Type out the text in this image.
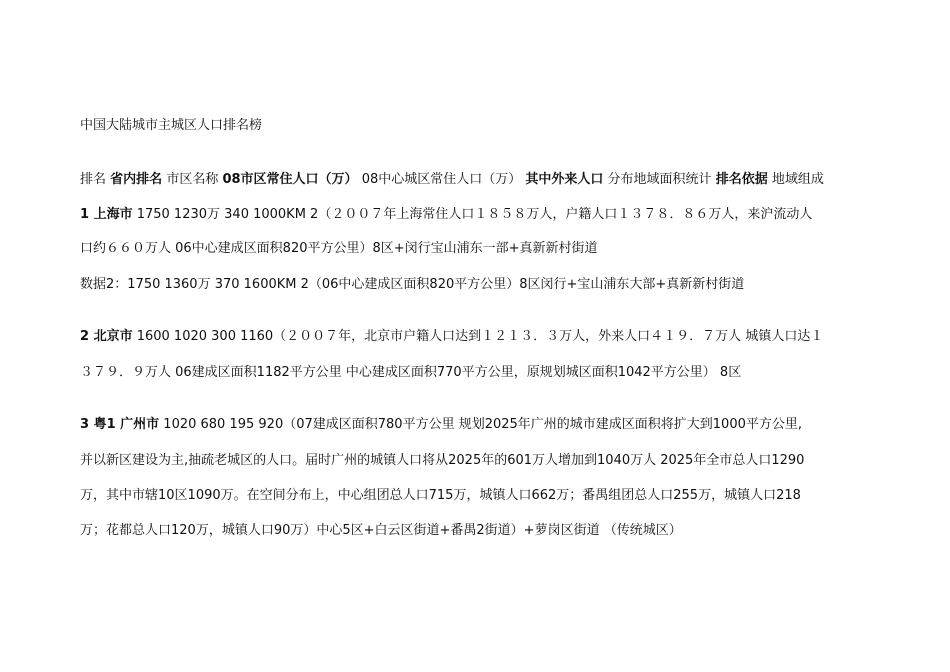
中国大陆城市主城区人口排名榜
排名 省内排名 市区名称 08市区常住人口（万） 08中心城区常住人口（万） 其中外来人口 分布地域面积统计 排名依据 地域组成
1 上海市 1750 1230万 340 1000KM 2（２００７年上海常住人口１８５８万人，户籍人口１３７８．８６万人，来沪流动人
口约６６０万人 06中心建成区面积820平方公里）8区+闵行宝山浦东一部+真新新村街道
数据2：1750 1360万 370 1600KM 2（06中心建成区面积820平方公里）8区闵行+宝山浦东大部+真新新村街道
2 北京市 1600 1020 300 1160（２００７年，北京市户籍人口达到１２１３．３万人，外来人口４１９．７万人 城镇人口达１
３７９．９万人 06建成区面积1182平方公里 中心建成区面积770平方公里，原规划城区面积1042平方公里） 8区
3 粤1 广州市 1020 680 195 920（07建成区面积780平方公里 规划2025年广州的城市建成区面积将扩大到1000平方公里,
并以新区建设为主,抽疏老城区的人口。届时广州的城镇人口将从2025年的601万人增加到1040万人 2025年全市总人口1290
万，其中市辖10区1090万。在空间分布上，中心组团总人口715万，城镇人口662万；番禺组团总人口255万，城镇人口218
万；花都总人口120万，城镇人口90万）中心5区+白云区街道+番禺2街道）+萝岗区街道 （传统城区）
